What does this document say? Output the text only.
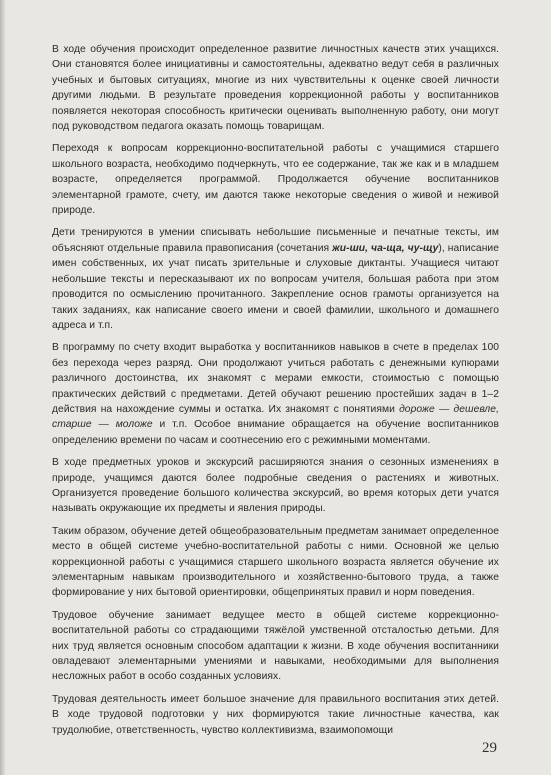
В ходе обучения происходит определенное развитие личностных качеств этих учащихся. Они становятся более инициативны и самостоятельны, адекватно ведут себя в различных учебных и бытовых ситуациях, многие из них чувствительны к оценке своей личности другими людьми. В результате проведения коррекционной работы у воспитанников появляется некоторая способность критически оценивать выполненную работу, они могут под руководством педагога оказать помощь товарищам.

Переходя к вопросам коррекционно-воспитательной работы с учащимися старшего школьного возраста, необходимо подчеркнуть, что ее содержание, так же как и в младшем возрасте, определяется программой. Продолжается обучение воспитанников элементарной грамоте, счету, им даются также некоторые сведения о живой и неживой природе.

Дети тренируются в умении списывать небольшие письменные и печатные тексты, им объясняют отдельные правила правописания (сочетания жи-ши, ча-ща, чу-щу), написание имен собственных, их учат писать зрительные и слуховые диктанты. Учащиеся читают небольшие тексты и пересказывают их по вопросам учителя, большая работа при этом проводится по осмыслению прочитанного. Закрепление основ грамоты организуется на таких заданиях, как написание своего имени и своей фамилии, школьного и домашнего адреса и т.п.

В программу по счету входит выработка у воспитанников навыков в счете в пределах 100 без перехода через разряд. Они продолжают учиться работать с денежными купюрами различного достоинства, их знакомят с мерами емкости, стоимостью с помощью практических действий с предметами. Детей обучают решению простейших задач в 1–2 действия на нахождение суммы и остатка. Их знакомят с понятиями дороже — дешевле, старше — моложе и т.п. Особое внимание обращается на обучение воспитанников определению времени по часам и соотнесению его с режимными моментами.

В ходе предметных уроков и экскурсий расширяются знания о сезонных изменениях в природе, учащимся даются более подробные сведения о растениях и животных. Организуется проведение большого количества экскурсий, во время которых дети учатся называть окружающие их предметы и явления природы.

Таким образом, обучение детей общеобразовательным предметам занимает определенное место в общей системе учебно-воспитательной работы с ними. Основной же целью коррекционной работы с учащимися старшего школьного возраста является обучение их элементарным навыкам производительного и хозяйственно-бытового труда, а также формирование у них бытовой ориентировки, общепринятых правил и норм поведения.

Трудовое обучение занимает ведущее место в общей системе коррекционно-воспитательной работы со страдающими тяжёлой умственной отсталостью детьми. Для них труд является основным способом адаптации к жизни. В ходе обучения воспитанники овладевают элементарными умениями и навыками, необходимыми для выполнения несложных работ в особо созданных условиях.

Трудовая деятельность имеет большое значение для правильного воспитания этих детей. В ходе трудовой подготовки у них формируются такие личностные качества, как трудолюбие, ответственность, чувство коллективизма, взаимопомощи

29
